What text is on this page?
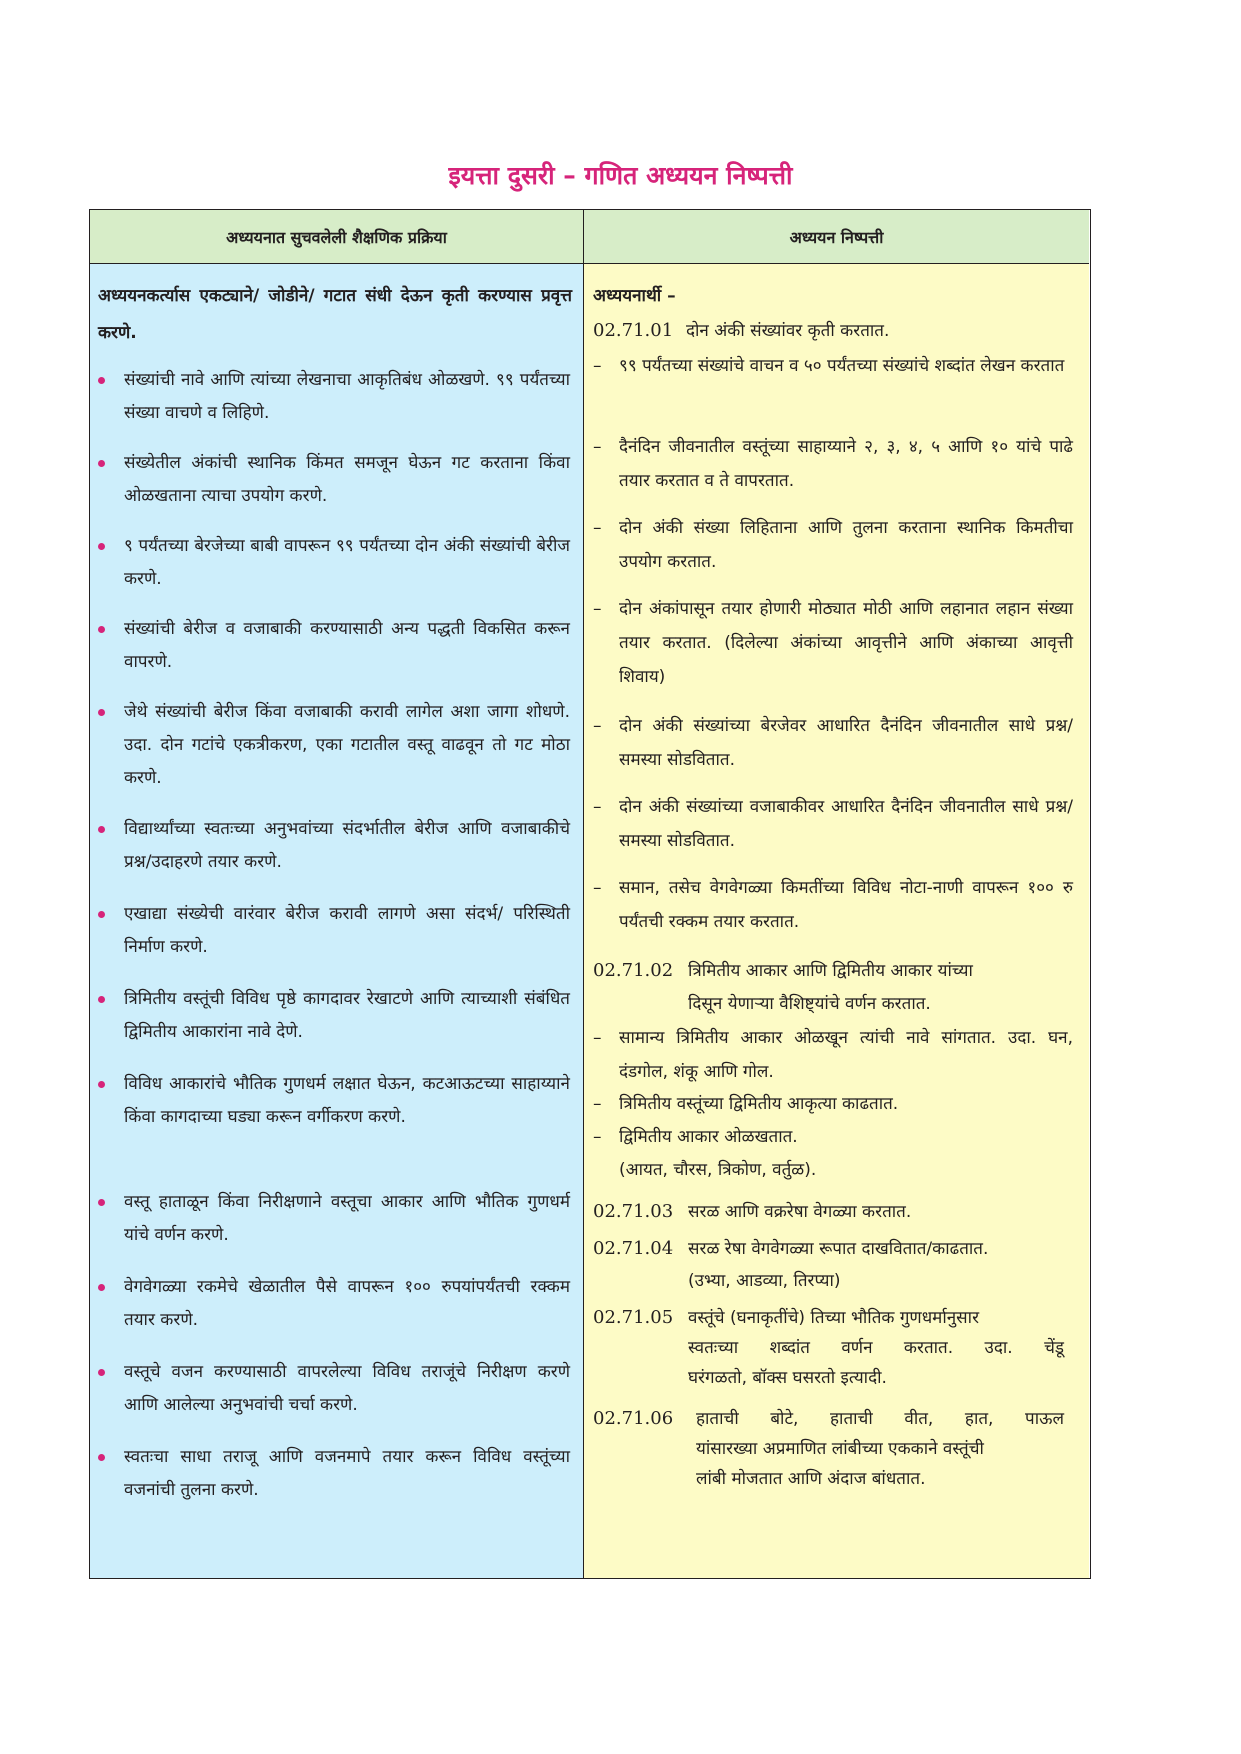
इयत्ता दुसरी – गणित अध्ययन निष्पत्ती
अध्ययनात सुचवलेली शैक्षणिक प्रक्रिया	अध्ययन निष्पत्ती
अध्ययनकर्त्यास एकट्याने/ जोडीने/ गटात संधी देऊन कृती करण्यास प्रवृत्त करणे.
संख्यांची नावे आणि त्यांच्या लेखनाचा आकृतिबंध ओळखणे. ९९ पर्यंतच्या संख्या वाचणे व लिहिणे.
संख्येतील अंकांची स्थानिक किंमत समजून घेऊन गट करताना किंवा ओळखताना त्याचा उपयोग करणे.
९ पर्यंतच्या बेरजेच्या बाबी वापरून ९९ पर्यंतच्या दोन अंकी संख्यांची बेरीज करणे.
संख्यांची बेरीज व वजाबाकी करण्यासाठी अन्य पद्धती विकसित करून वापरणे.
जेथे संख्यांची बेरीज किंवा वजाबाकी करावी लागेल अशा जागा शोधणे. उदा. दोन गटांचे एकत्रीकरण, एका गटातील वस्तू वाढवून तो गट मोठा करणे.
विद्यार्थ्यांच्या स्वतःच्या अनुभवांच्या संदर्भातील बेरीज आणि वजाबाकीचे प्रश्न/उदाहरणे तयार करणे.
एखाद्या संख्येची वारंवार बेरीज करावी लागणे असा संदर्भ/ परिस्थिती निर्माण करणे.
त्रिमितीय वस्तूंची विविध पृष्ठे कागदावर रेखाटणे आणि त्याच्याशी संबंधित द्विमितीय आकारांना नावे देणे.
विविध आकारांचे भौतिक गुणधर्म लक्षात घेऊन, कटआऊटच्या साहाय्याने किंवा कागदाच्या घड्या करून वर्गीकरण करणे.
वस्तू हाताळून किंवा निरीक्षणाने वस्तूचा आकार आणि भौतिक गुणधर्म यांचे वर्णन करणे.
वेगवेगळ्या रकमेचे खेळातील पैसे वापरून १०० रुपयांपर्यंतची रक्कम तयार करणे.
वस्तूचे वजन करण्यासाठी वापरलेल्या विविध तराजूंचे निरीक्षण करणे आणि आलेल्या अनुभवांची चर्चा करणे.
स्वतःचा साधा तराजू आणि वजनमापे तयार करून विविध वस्तूंच्या वजनांची तुलना करणे.
अध्ययनार्थी –
02.71.01 दोन अंकी संख्यांवर कृती करतात.
– ९९ पर्यंतच्या संख्यांचे वाचन व ५० पर्यंतच्या संख्यांचे शब्दांत लेखन करतात
– दैनंदिन जीवनातील वस्तूंच्या साहाय्याने २, ३, ४, ५ आणि १० यांचे पाढे तयार करतात व ते वापरतात.
– दोन अंकी संख्या लिहिताना आणि तुलना करताना स्थानिक किमतीचा उपयोग करतात.
– दोन अंकांपासून तयार होणारी मोठ्यात मोठी आणि लहानात लहान संख्या तयार करतात. (दिलेल्या अंकांच्या आवृत्तीने आणि अंकाच्या आवृत्ती शिवाय)
– दोन अंकी संख्यांच्या बेरजेवर आधारित दैनंदिन जीवनातील साधे प्रश्न/समस्या सोडवितात.
– दोन अंकी संख्यांच्या वजाबाकीवर आधारित दैनंदिन जीवनातील साधे प्रश्न/समस्या सोडवितात.
– समान, तसेच वेगवेगळ्या किमतींच्या विविध नोटा-नाणी वापरून १०० रु पर्यंतची रक्कम तयार करतात.
02.71.02 त्रिमितीय आकार आणि द्विमितीय आकार यांच्या
दिसून येणाऱ्या वैशिष्ट्यांचे वर्णन करतात.
– सामान्य त्रिमितीय आकार ओळखून त्यांची नावे सांगतात. उदा. घन, दंडगोल, शंकू आणि गोल.
– त्रिमितीय वस्तूंच्या द्विमितीय आकृत्या काढतात.
– द्विमितीय आकार ओळखतात.
(आयत, चौरस, त्रिकोण, वर्तुळ).
02.71.03 सरळ आणि वक्ररेषा वेगळ्या करतात.
02.71.04 सरळ रेषा वेगवेगळ्या रूपात दाखवितात/काढतात.
(उभ्या, आडव्या, तिरप्या)
02.71.05 वस्तूंचे (घनाकृतींचे) तिच्या भौतिक गुणधर्मानुसार
स्वतःच्या शब्दांत वर्णन करतात. उदा. चेंडू
घरंगळतो, बॉक्स घसरतो इत्यादी.
02.71.06 हाताची बोटे, हाताची वीत, हात, पाऊल
यांसारख्या अप्रमाणित लांबीच्या एककाने वस्तूंची
लांबी मोजतात आणि अंदाज बांधतात.
